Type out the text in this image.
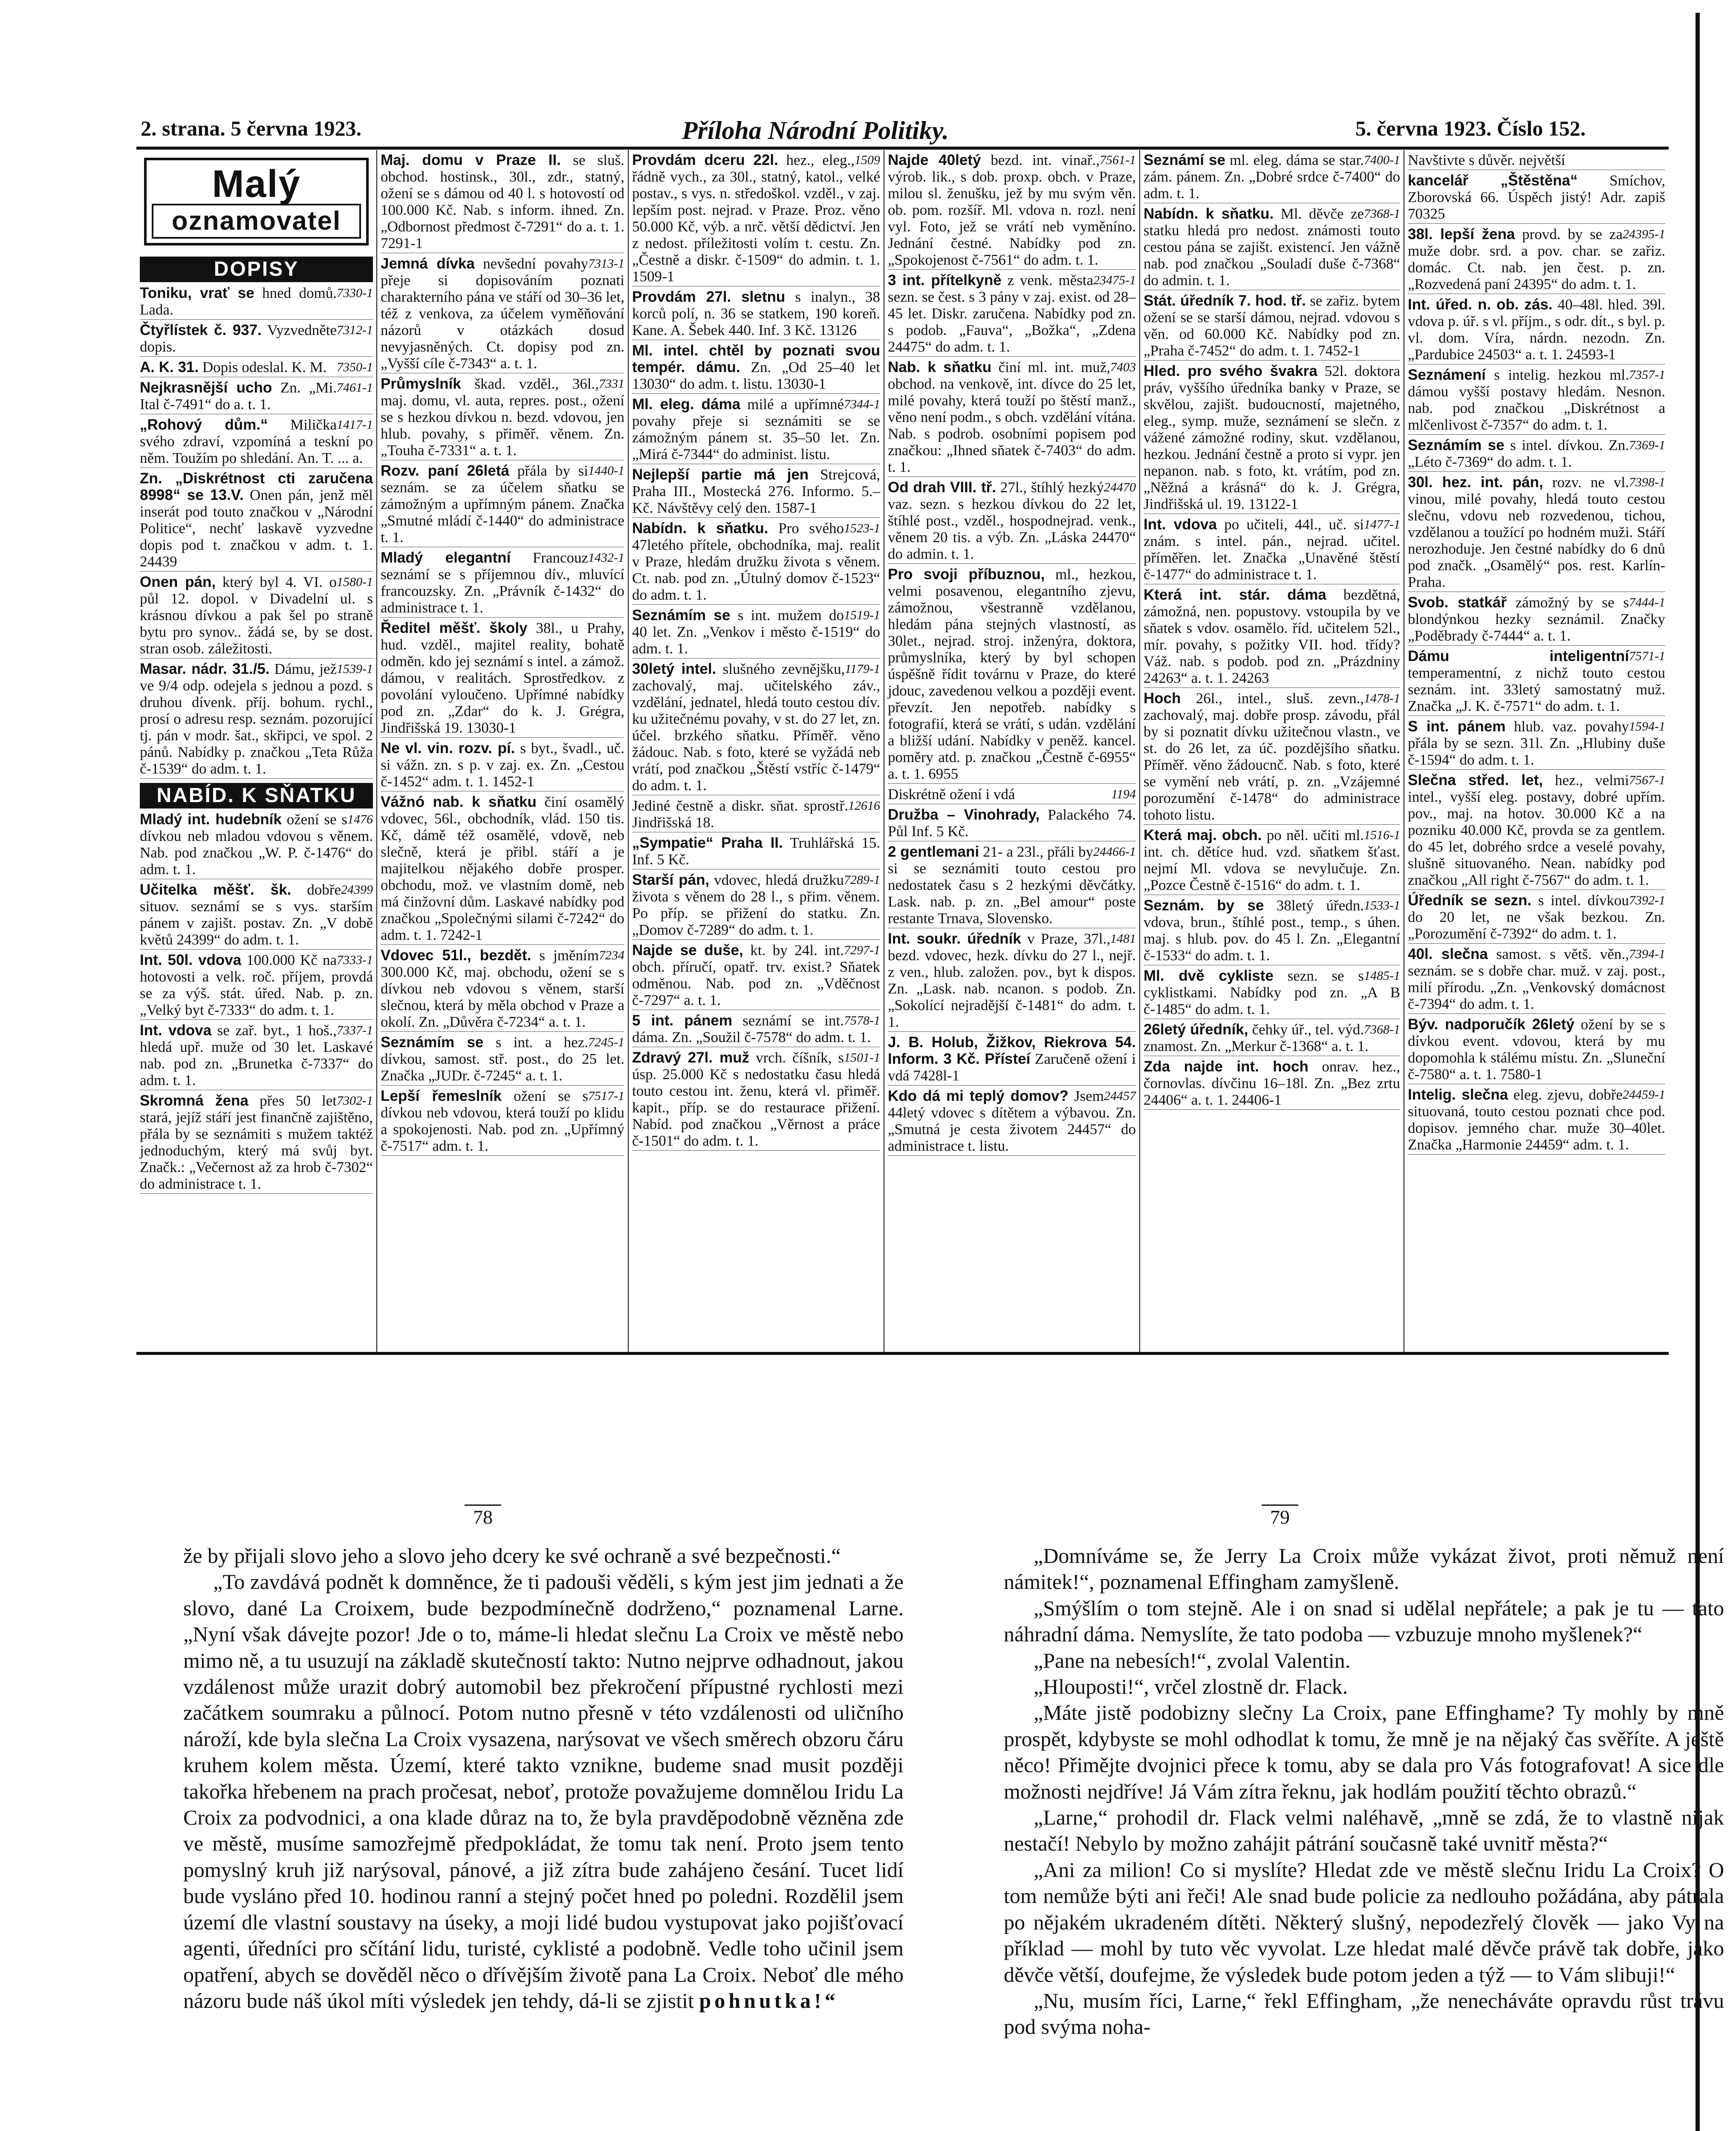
2. strana. 5 června 1923.	Příloha Národní Politiky.	5. června 1923. Číslo 152.
Malý
oznamovatel
DOPISY
7330-1
Toniku, vrať se hned domů. Lada.
7312-1
Čtyřlístek č. 937. Vyzvedněte dopis.
7350-1
A. K. 31. Dopis odeslal. K. M.
7461-1
Nejkrasnější ucho Zn. „Mi. Ital č-7491“ do a. t. 1.
1417-1
„Rohový dům.“ Milička svého zdraví, vzpomíná a teskní po něm. Toužím po shledání. An. T. ... a.
Zn. „Diskrétnost cti zaručena 8998“ se 13.V. Onen pán, jenž měl inserát pod touto značkou v „Národní Politice“, nechť laskavě vyzvedne dopis pod t. značkou v adm. t. 1. 24439
1580-1
Onen pán, který byl 4. VI. o půl 12. dopol. v Divadelní ul. s krásnou dívkou a pak šel po straně bytu pro synov.. žádá se, by se dost. stran osob. záležitosti.
1539-1
Masar. nádr. 31./5. Dámu, jež ve 9/4 odp. odejela s jednou a pozd. s druhou dívenk. příj. bohum. rychl., prosí o adresu resp. seznám. pozorující tj. pán v modr. šat., skřipci, ve spol. 2 pánů. Nabídky p. značkou „Teta Růža č-1539“ do adm. t. 1.
NABÍD. K SŇATKU
1476
Mladý int. hudebník ožení se s dívkou neb mladou vdovou s věnem. Nab. pod značkou „W. P. č-1476“ do adm. t. 1.
24399
Učitelka měšť. šk. dobře situov. seznámí se s vys. starším pánem v zajišt. postav. Zn. „V době květů 24399“ do adm. t. 1.
7333-1
Int. 50l. vdova 100.000 Kč na hotovosti a velk. roč. příjem, provdá se za výš. stát. úřed. Nab. p. zn. „Velký byt č-7333“ do adm. t. 1.
7337-1
Int. vdova se zař. byt., 1 hoš., hledá upř. muže od 30 let. Laskavé nab. pod zn. „Brunetka č-7337“ do adm. t. 1.
7302-1
Skromná žena přes 50 let stará, jejíž stáří jest finančně zajištěno, přála by se seznámiti s mužem taktéž jednoduchým, který má svůj byt. Značk.: „Večernost až za hrob č-7302“ do administrace t. 1.
Maj. domu v Praze II. se sluš. obchod. hostinsk., 30l., zdr., statný, ožení se s dámou od 40 l. s hotovostí od 100.000 Kč. Nab. s inform. ihned. Zn. „Odbornost předmost č-7291“ do a. t. 1. 7291-1
7313-1
Jemná dívka nevšední povahy přeje si dopisováním poznati charakterního pána ve stáří od 30–36 let, též z venkova, za účelem vyměňování názorů v otázkách dosud nevyjasněných. Ct. dopisy pod zn. „Vyšší cíle č-7343“ a. t. 1.
7331
Průmyslník škad. vzděl., 36l., maj. domu, vl. auta, repres. post., ožení se s hezkou dívkou n. bezd. vdovou, jen hlub. povahy, s přiměř. věnem. Zn. „Touha č-7331“ a. t. 1.
1440-1
Rozv. paní 26letá přála by si seznám. se za účelem sňatku se zámožným a upřímným pánem. Značka „Smutné mládí č-1440“ do administrace t. 1.
1432-1
Mladý elegantní Francouz seznámí se s příjemnou dív., mluvící francouzsky. Zn. „Právník č-1432“ do administrace t. 1.
Ředitel měšť. školy 38l., u Prahy, hud. vzděl., majitel reality, bohatě odměn. kdo jej seznámí s intel. a zámož. dámou, v realitách. Sprostředkov. z povolání vyloučeno. Upřímné nabídky pod zn. „Zdar“ do k. J. Grégra, Jindřišská 19. 13030-1
Ne vl. vin. rozv. pí. s byt., švadl., uč. si vážn. zn. s p. v zaj. ex. Zn. „Cestou č-1452“ adm. t. 1. 1452-1
Vážnó nab. k sňatku činí osamělý vdovec, 56l., obchodník, vlád. 150 tis. Kč, dámě též osamělé, vdově, neb slečně, která je přibl. stáří a je majitelkou nějakého dobře prosper. obchodu, mož. ve vlastním domě, neb má činžovní dům. Laskavé nabídky pod značkou „Společnými silami č-7242“ do adm. t. 1. 7242-1
7234
Vdovec 51l., bezdět. s jměním 300.000 Kč, maj. obchodu, ožení se s dívkou neb vdovou s věnem, starší slečnou, která by měla obchod v Praze a okolí. Zn. „Důvěra č-7234“ a. t. 1.
7245-1
Seznámím se s int. a hez. dívkou, samost. stř. post., do 25 let. Značka „JUDr. č-7245“ a. t. 1.
7517-1
Lepší řemeslník ožení se s dívkou neb vdovou, která touží po klidu a spokojenosti. Nab. pod zn. „Upřímný č-7517“ adm. t. 1.
1509
Provdám dceru 22l. hez., eleg., řádně vych., za 30l., statný, katol., velké postav., s vys. n. středoškol. vzděl., v zaj. lepším post. nejrad. v Praze. Proz. věno 50.000 Kč, výb. a nrč. větší dědictví. Jen z nedost. příležitosti volím t. cestu. Zn. „Čestně a diskr. č-1509“ do admin. t. 1. 1509-1
Provdám 27l. sletnu s inalyn., 38 korců polí, n. 36 se statkem, 190 koreň. Kane. A. Šebek 440. Inf. 3 Kč. 13126
Ml. intel. chtěl by poznati svou tempér. dámu. Zn. „Od 25–40 let 13030“ do adm. t. listu. 13030-1
7344-1
Ml. eleg. dáma milé a upřímné povahy přeje si seznámiti se se zámožným pánem st. 35–50 let. Zn. „Mirá č-7344“ do administ. listu.
Nejlepší partie má jen Strejcová, Praha III., Mostecká 276. Informo. 5.– Kč. Návštěvy celý den. 1587-1
1523-1
Nabídn. k sňatku. Pro svého 47letého přítele, obchodníka, maj. realit v Praze, hledám družku života s věnem. Ct. nab. pod zn. „Útulný domov č-1523“ do adm. t. 1.
1519-1
Seznámím se s int. mužem do 40 let. Zn. „Venkov i město č-1519“ do adm. t. 1.
1179-1
30letý intel. slušného zevnějšku, zachovalý, maj. učitelského záv., vzdělání, jednatel, hledá touto cestou dív. ku užitečnému povahy, v st. do 27 let, zn. účel. brzkého sňatku. Příměř. věno žádouc. Nab. s foto, které se vyžádá neb vrátí, pod značkou „Štěstí vstříc č-1479“ do adm. t. 1.
12616
Jediné čestně a diskr. sňat. sprostř. Jindřišská 18.
„Sympatie“ Praha II. Truhlářská 15. Inf. 5 Kč.
7289-1
Starší pán, vdovec, hledá družku života s věnem do 28 l., s přim. věnem. Po příp. se přižení do statku. Zn. „Domov č-7289“ do adm. t. 1.
7297-1
Najde se duše, kt. by 24l. int. obch. příručí, opatř. trv. exist.? Sňatek odměnou. Nab. pod zn. „Vděčnost č-7297“ a. t. 1.
7578-1
5 int. pánem seznámí se int. dáma. Zn. „Soužil č-7578“ do adm. t. 1.
1501-1
Zdravý 27l. muž vrch. číšník, s úsp. 25.000 Kč s nedostatku času hledá touto cestou int. ženu, která vl. přiměř. kapit., příp. se do restaurace přižení. Nabíd. pod značkou „Věrnost a práce č-1501“ do adm. t. 1.
7561-1
Najde 40letý bezd. int. vinař., výrob. lik., s dob. proxp. obch. v Praze, milou sl. ženušku, jež by mu svým věn. ob. pom. rozšíř. Ml. vdova n. rozl. není vyl. Foto, jež se vrátí neb vyměníno. Jednání čestné. Nabídky pod zn. „Spokojenost č-7561“ do adm. t. 1.
23475-1
3 int. přítelkyně z venk. města sezn. se čest. s 3 pány v zaj. exist. od 28–45 let. Diskr. zaručena. Nabídky pod zn. s podob. „Fauva“, „Božka“, „Zdena 24475“ do adm. t. 1.
7403
Nab. k sňatku činí ml. int. muž, obchod. na venkově, int. dívce do 25 let, milé povahy, která touží po štěstí manž., věno není podm., s obch. vzdělání vítána. Nab. s podrob. osobními popisem pod značkou: „Ihned sňatek č-7403“ do adm. t. 1.
24470
Od drah VIII. tř. 27l., štíhlý hezký vaz. sezn. s hezkou dívkou do 22 let, štíhlé post., vzděl., hospodnejrad. venk., věnem 20 tis. a výb. Zn. „Láska 24470“ do admin. t. 1.
Pro svoji příbuznou, ml., hezkou, velmi posavenou, elegantního zjevu, zámožnou, všestranně vzdělanou, hledám pána stejných vlastností, as 30let., nejrad. stroj. inženýra, doktora, průmyslníka, který by byl schopen úspěšně řídit továrnu v Praze, do které jdouc, zavedenou velkou a později event. převzít. Jen nepotřeb. nabídky s fotografií, která se vrátí, s udán. vzdělání a bližší udání. Nabídky v peněž. kancel. poměry atd. p. značkou „Čestně č-6955“ a. t. 1. 6955
1194
Diskrétně ožení i vdá
Družba – Vinohrady, Palackého 74. Půl Inf. 5 Kč.
24466-1
2 gentlemani 21- a 23l., přáli by si se seznámiti touto cestou pro nedostatek času s 2 hezkými děvčátky. Lask. nab. p. zn. „Bel amour“ poste restante Trnava, Slovensko.
1481
Int. soukr. úředník v Praze, 37l., bezd. vdovec, hezk. dívku do 27 l., nejř. z ven., hlub. založen. pov., byt k dispos. Zn. „Lask. nab. ncanon. s podob. Zn. „Sokolící nejradější č-1481“ do adm. t. 1.
J. B. Holub, Žižkov, Riekrova 54. Inform. 3 Kč. Přísteí Zaručeně ožení i vdá 7428l-1
24457
Kdo dá mi teplý domov? Jsem 44letý vdovec s dítětem a výbavou. Zn. „Smutná je cesta životem 24457“ do administrace t. listu.
7400-1
Seznámí se ml. eleg. dáma se star. zám. pánem. Zn. „Dobré srdce č-7400“ do adm. t. 1.
7368-1
Nabídn. k sňatku. Ml. děvče ze statku hledá pro nedost. známosti touto cestou pána se zajišt. existencí. Jen vážně nab. pod značkou „Souladí duše č-7368“ do admin. t. 1.
Stát. úředník 7. hod. tř. se zařiz. bytem ožení se se starší dámou, nejrad. vdovou s věn. od 60.000 Kč. Nabídky pod zn. „Praha č-7452“ do adm. t. 1. 7452-1
Hled. pro svého švakra 52l. doktora práv, vyššího úředníka banky v Praze, se skvělou, zajišt. budoucností, majetného, eleg., symp. muže, seznámení se slečn. z vážené zámožné rodiny, skut. vzdělanou, hezkou. Jednání čestně a proto si vypr. jen nepanon. nab. s foto, kt. vrátím, pod zn. „Něžná a krásná“ do k. J. Grégra, Jindřišská ul. 19. 13122-1
1477-1
Int. vdova po učiteli, 44l., uč. si znám. s intel. pán., nejrad. učitel. příměřen. let. Značka „Unavěné štěstí č-1477“ do administrace t. 1.
Která int. stár. dáma bezdětná, zámožná, nen. popustovy. vstoupila by ve sňatek s vdov. osamělo. říd. učitelem 52l., mír. povahy, s požitky VII. hod. třídy? Váž. nab. s podob. pod zn. „Prázdniny 24263“ a. t. 1. 24263
1478-1
Hoch 26l., intel., sluš. zevn., zachovalý, maj. dobře prosp. závodu, přál by si poznatit dívku užitečnou vlastn., ve st. do 26 let, za úč. pozdějšího sňatku. Příměř. věno žádoucnč. Nab. s foto, které se vymění neb vrátí, p. zn. „Vzájemné porozumění č-1478“ do administrace tohoto listu.
1516-1
Která maj. obch. po něl. učiti ml. int. ch. dětíce hud. vzd. sňatkem šťast. nejmí Ml. vdova se nevylučuje. Zn. „Pozce Čestně č-1516“ do adm. t. 1.
1533-1
Seznám. by se 38letý úředn. vdova, brun., štíhlé post., temp., s úhen. maj. s hlub. pov. do 45 l. Zn. „Elegantní č-1533“ do adm. t. 1.
1485-1
Ml. dvě cykliste sezn. se s cyklistkami. Nabídky pod zn. „A B č-1485“ do adm. t. 1.
7368-1
26letý úředník, čehky úř., tel. výd. znamost. Zn. „Merkur č-1368“ a. t. 1.
Zda najde int. hoch onrav. hez., čornovlas. dívčinu 16–18l. Zn. „Bez zrtu 24406“ a. t. 1. 24406-1
Navštivte s důvěr. největší
kancelář „Štěstěna“ Smíchov, Zborovská 66. Úspěch jistý! Adr. zapiš 70325
24395-1
38l. lepší žena provd. by se za muže dobr. srd. a pov. char. se zařiz. domác. Ct. nab. jen čest. p. zn. „Rozvedená paní 24395“ do adm. t. 1.
Int. úřed. n. ob. zás. 40–48l. hled. 39l. vdova p. úř. s vl. příjm., s odr. dít., s byl. p. vl. dom. Víra, nárdn. nezodn. Zn. „Pardubice 24503“ a. t. 1. 24593-1
7357-1
Seznámení s intelig. hezkou ml. dámou vyšší postavy hledám. Nesnon. nab. pod značkou „Diskrétnost a mlčenlivost č-7357“ do adm. t. 1.
7369-1
Seznámím se s intel. dívkou. Zn. „Léto č-7369“ do adm. t. 1.
7398-1
30l. hez. int. pán, rozv. ne vl. vinou, milé povahy, hledá touto cestou slečnu, vdovu neb rozvedenou, tichou, vzdělanou a toužící po hodném muži. Stáří nerozhoduje. Jen čestné nabídky do 6 dnů pod značk. „Osamělý“ pos. rest. Karlín-Praha.
7444-1
Svob. statkář zámožný by se s blondýnkou hezky seznámil. Značky „Poděbrady č-7444“ a. t. 1.
7571-1
Dámu inteligentní temperamentní, z nichž touto cestou seznám. int. 33letý samostatný muž. Značka „J. K. č-7571“ do adm. t. 1.
1594-1
S int. pánem hlub. vaz. povahy přála by se sezn. 31l. Zn. „Hlubiny duše č-1594“ do adm. t. 1.
7567-1
Slečna střed. let, hez., velmi intel., vyšší eleg. postavy, dobré upřím. pov., maj. na hotov. 30.000 Kč a na pozniku 40.000 Kč, provda se za gentlem. do 45 let, dobrého srdce a veselé povahy, slušně situovaného. Nean. nabídky pod značkou „All right č-7567“ do adm. t. 1.
7392-1
Úředník se sezn. s intel. dívkou do 20 let, ne však bezkou. Zn. „Porozumění č-7392“ do adm. t. 1.
7394-1
40l. slečna samost. s větš. věn., seznám. se s dobře char. muž. v zaj. post., milí přírodu. „Zn. „Venkovský domácnost č-7394“ do adm. t. 1.
Býv. nadporučík 26letý ožení by se s dívkou event. vdovou, která by mu dopomohla k stálému místu. Zn. „Sluneční č-7580“ a. t. 1. 7580-1
24459-1
Intelig. slečna eleg. zjevu, dobře situovaná, touto cestou poznati chce pod. dopisov. jemného char. muže 30–40let. Značka „Harmonie 24459“ adm. t. 1.
78	79

že by přijali slovo jeho a slovo jeho dcery ke své ochraně a své bezpečnosti.“

„To zavdává podnět k domněnce, že ti padouši věděli, s kým jest jim jednati a že slovo, dané La Croixem, bude bezpodmínečně dodrženo,“ poznamenal Larne. „Nyní však dávejte pozor! Jde o to, máme-li hledat slečnu La Croix ve městě nebo mimo ně, a tu usuzují na základě skutečností takto: Nutno nejprve odhadnout, jakou vzdálenost může urazit dobrý automobil bez překročení přípustné rychlosti mezi začátkem soumraku a půlnocí. Potom nutno přesně v této vzdálenosti od uličního nároží, kde byla slečna La Croix vysazena, narýsovat ve všech směrech obzoru čáru kruhem kolem města. Území, které takto vznikne, budeme snad musit později takořka hřebenem na prach pročesat, neboť, protože považujeme domnělou Iridu La Croix za podvodnici, a ona klade důraz na to, že byla pravděpodobně vězněna zde ve městě, musíme samozřejmě předpokládat, že tomu tak není. Proto jsem tento pomyslný kruh již narýsoval, pánové, a již zítra bude zahájeno česání. Tucet lidí bude vysláno před 10. hodinou ranní a stejný počet hned po poledni. Rozdělil jsem území dle vlastní soustavy na úseky, a moji lidé budou vystupovat jako pojišťovací agenti, úředníci pro sčítání lidu, turisté, cyklisté a podobně. Vedle toho učinil jsem opatření, abych se dověděl něco o dřívějším životě pana La Croix. Neboť dle mého názoru bude náš úkol míti výsledek jen tehdy, dá-li se zjistit pohnutka!“

„Domníváme se, že Jerry La Croix může vykázat život, proti němuž není námitek!“, poznamenal Effingham zamyšleně.

„Smýšlím o tom stejně. Ale i on snad si udělal nepřátele; a pak je tu — tato náhradní dáma. Nemyslíte, že tato podoba — vzbuzuje mnoho myšlenek?“

„Pane na nebesích!“, zvolal Valentin.

„Hlouposti!“, vrčel zlostně dr. Flack.

„Máte jistě podobizny slečny La Croix, pane Effinghame? Ty mohly by mně prospět, kdybyste se mohl odhodlat k tomu, že mně je na nějaký čas svěříte. A ještě něco! Přimějte dvojnici přece k tomu, aby se dala pro Vás fotografovat! A sice dle možnosti nejdříve! Já Vám zítra řeknu, jak hodlám použití těchto obrazů.“

„Larne,“ prohodil dr. Flack velmi naléhavě, „mně se zdá, že to vlastně nijak nestačí! Nebylo by možno zahájit pátrání současně také uvnitř města?“

„Ani za milion! Co si myslíte? Hledat zde ve městě slečnu Iridu La Croix? O tom nemůže býti ani řeči! Ale snad bude policie za nedlouho požádána, aby pátrala po nějakém ukradeném dítěti. Některý slušný, nepodezřelý člověk — jako Vy na příklad — mohl by tuto věc vyvolat. Lze hledat malé děvče právě tak dobře, jako děvče větší, doufejme, že výsledek bude potom jeden a týž — to Vám slibuji!“

„Nu, musím říci, Larne,“ řekl Effingham, „že nenecháváte opravdu růst trávu pod svýma noha-
